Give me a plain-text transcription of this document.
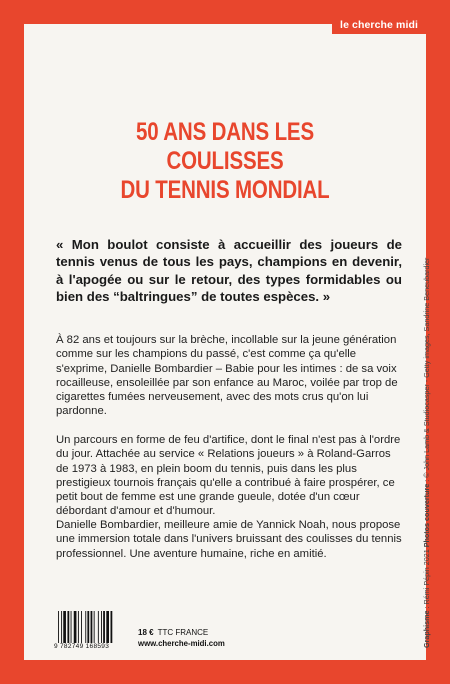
le cherche midi
50 ANS DANS LES
COULISSES
DU TENNIS MONDIAL
« Mon boulot consiste à accueillir des joueurs de tennis venus de tous les pays, champions en devenir, à l'apogée ou sur le retour, des types formidables ou bien des “baltringues” de toutes espèces. »

À 82 ans et toujours sur la brèche, incollable sur la jeune génération comme sur les champions du passé, c'est comme ça qu'elle s'exprime, Danielle Bombardier – Babie pour les intimes : de sa voix rocailleuse, ensoleillée par son enfance au Maroc, voilée par trop de cigarettes fumées nerveusement, avec des mots crus qu'on lui pardonne.

Un parcours en forme de feu d'artifice, dont le final n'est pas à l'ordre du jour. Attachée au service « Relations joueurs » à Roland-Garros de 1973 à 1983, en plein boom du tennis, puis dans les plus prestigieux tournois français qu'elle a contribué à faire prospérer, ce petit bout de femme est une grande gueule, dotée d'un cœur débordant d'amour et d'humour.

Danielle Bombardier, meilleure amie de Yannick Noah, nous propose une immersion totale dans l'univers bruissant des coulisses du tennis professionnel. Une aventure humaine, riche en amitié.

Graphisme : Rémi Pépin 2021 Photos couverture : © John Lamb & Studiocasper - Getty images, Sandrine Beneubardier
9 782749 168593
18 € TTC FRANCE
www.cherche-midi.com
